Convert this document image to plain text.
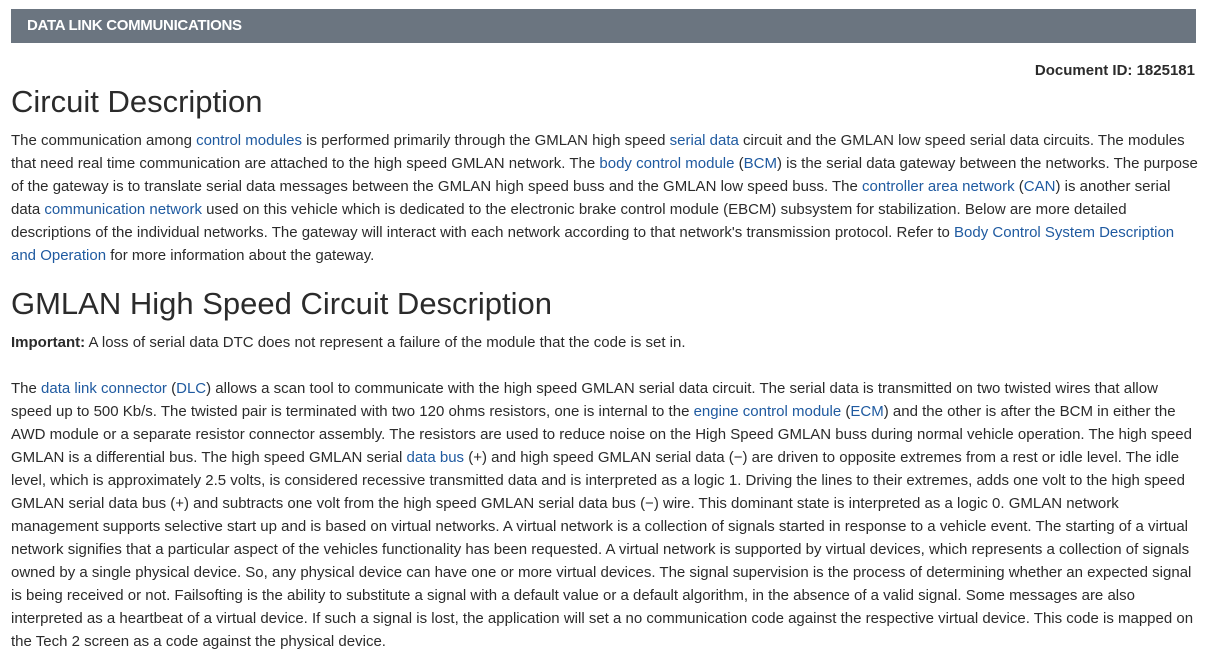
DATA LINK COMMUNICATIONS
Document ID: 1825181
Circuit Description

The communication among control modules is performed primarily through the GMLAN high speed serial data circuit and the GMLAN low speed serial data circuits. The modules that need real time communication are attached to the high speed GMLAN network. The body control module (BCM) is the serial data gateway between the networks. The purpose of the gateway is to translate serial data messages between the GMLAN high speed buss and the GMLAN low speed buss. The controller area network (CAN) is another serial data communication network used on this vehicle which is dedicated to the electronic brake control module (EBCM) subsystem for stabilization. Below are more detailed descriptions of the individual networks. The gateway will interact with each network according to that network's transmission protocol. Refer to Body Control System Description and Operation for more information about the gateway.

GMLAN High Speed Circuit Description

Important: A loss of serial data DTC does not represent a failure of the module that the code is set in.

The data link connector (DLC) allows a scan tool to communicate with the high speed GMLAN serial data circuit. The serial data is transmitted on two twisted wires that allow speed up to 500 Kb/s. The twisted pair is terminated with two 120 ohms resistors, one is internal to the engine control module (ECM) and the other is after the BCM in either the AWD module or a separate resistor connector assembly. The resistors are used to reduce noise on the High Speed GMLAN buss during normal vehicle operation. The high speed GMLAN is a differential bus. The high speed GMLAN serial data bus (+) and high speed GMLAN serial data (−) are driven to opposite extremes from a rest or idle level. The idle level, which is approximately 2.5 volts, is considered recessive transmitted data and is interpreted as a logic 1. Driving the lines to their extremes, adds one volt to the high speed GMLAN serial data bus (+) and subtracts one volt from the high speed GMLAN serial data bus (−) wire. This dominant state is interpreted as a logic 0. GMLAN network management supports selective start up and is based on virtual networks. A virtual network is a collection of signals started in response to a vehicle event. The starting of a virtual network signifies that a particular aspect of the vehicles functionality has been requested. A virtual network is supported by virtual devices, which represents a collection of signals owned by a single physical device. So, any physical device can have one or more virtual devices. The signal supervision is the process of determining whether an expected signal is being received or not. Failsofting is the ability to substitute a signal with a default value or a default algorithm, in the absence of a valid signal. Some messages are also interpreted as a heartbeat of a virtual device. If such a signal is lost, the application will set a no communication code against the respective virtual device. This code is mapped on the Tech 2 screen as a code against the physical device.
